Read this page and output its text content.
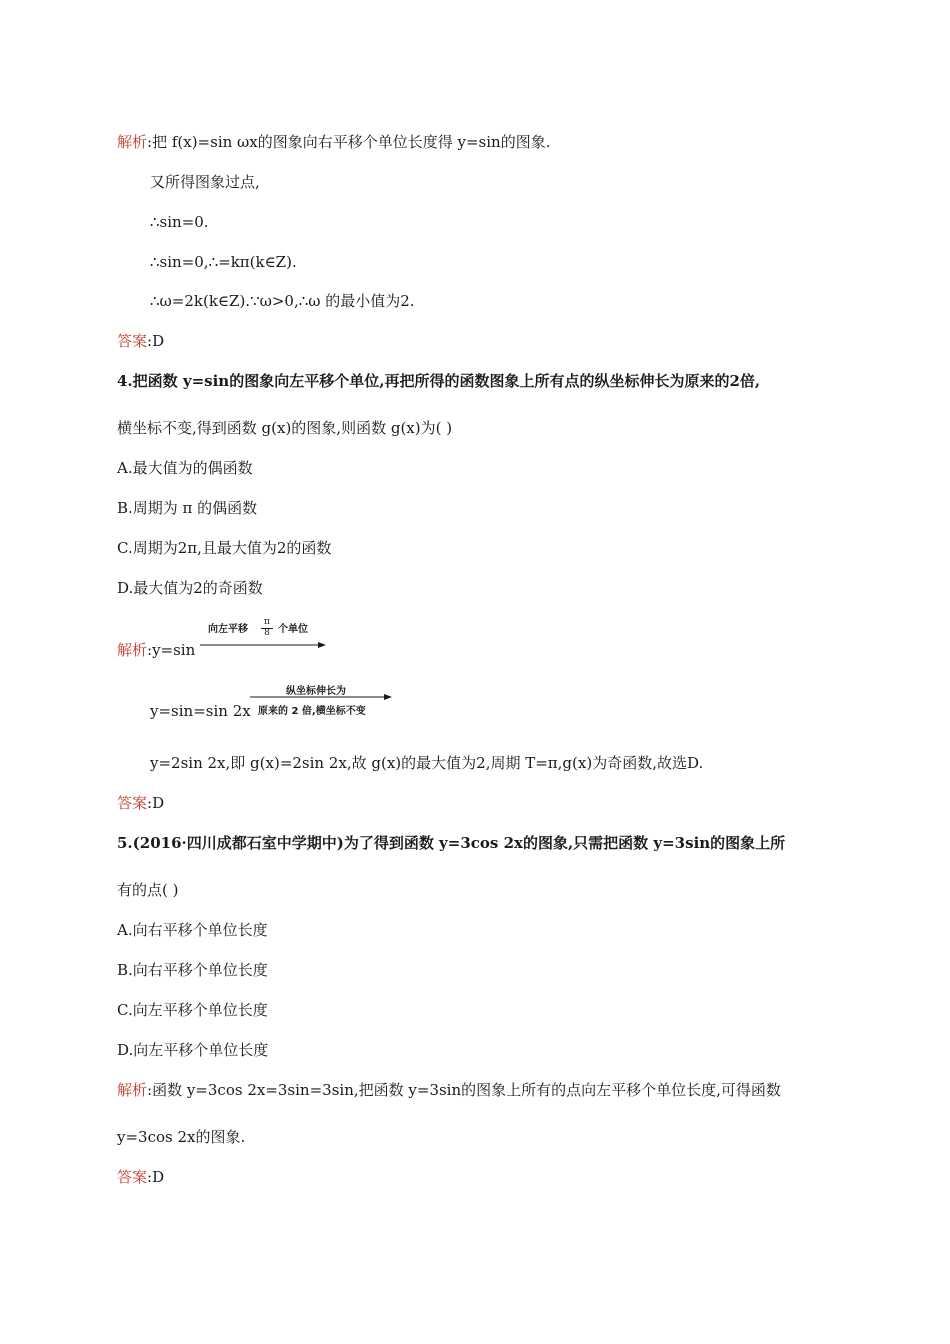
解析:把 f(x)=sin ωx的图象向右平移个单位长度得 y=sin的图象.
又所得图象过点,
∴sin=0.
∴sin=0,∴=kπ(k∈Z).
∴ω=2k(k∈Z).∵ω>0,∴ω 的最小值为2.
答案:D
4.把函数 y=sin的图象向左平移个单位,再把所得的函数图象上所有点的纵坐标伸长为原来的2倍,
横坐标不变,得到函数 g(x)的图象,则函数 g(x)为( )
A.最大值为的偶函数
B.周期为 π 的偶函数
C.周期为2π,且最大值为2的函数
D.最大值为2的奇函数
解析:y=sin
向左平移
π
8 个单位
y=sin=sin 2x
纵坐标伸长为
原来的 2 倍,横坐标不变
y=2sin 2x,即 g(x)=2sin 2x,故 g(x)的最大值为2,周期 T=π,g(x)为奇函数,故选D.
答案:D
5.(2016·四川成都石室中学期中)为了得到函数 y=3cos 2x的图象,只需把函数 y=3sin的图象上所
有的点( )
A.向右平移个单位长度
B.向右平移个单位长度
C.向左平移个单位长度
D.向左平移个单位长度
解析:函数 y=3cos 2x=3sin=3sin,把函数 y=3sin的图象上所有的点向左平移个单位长度,可得函数
y=3cos 2x的图象.
答案:D
